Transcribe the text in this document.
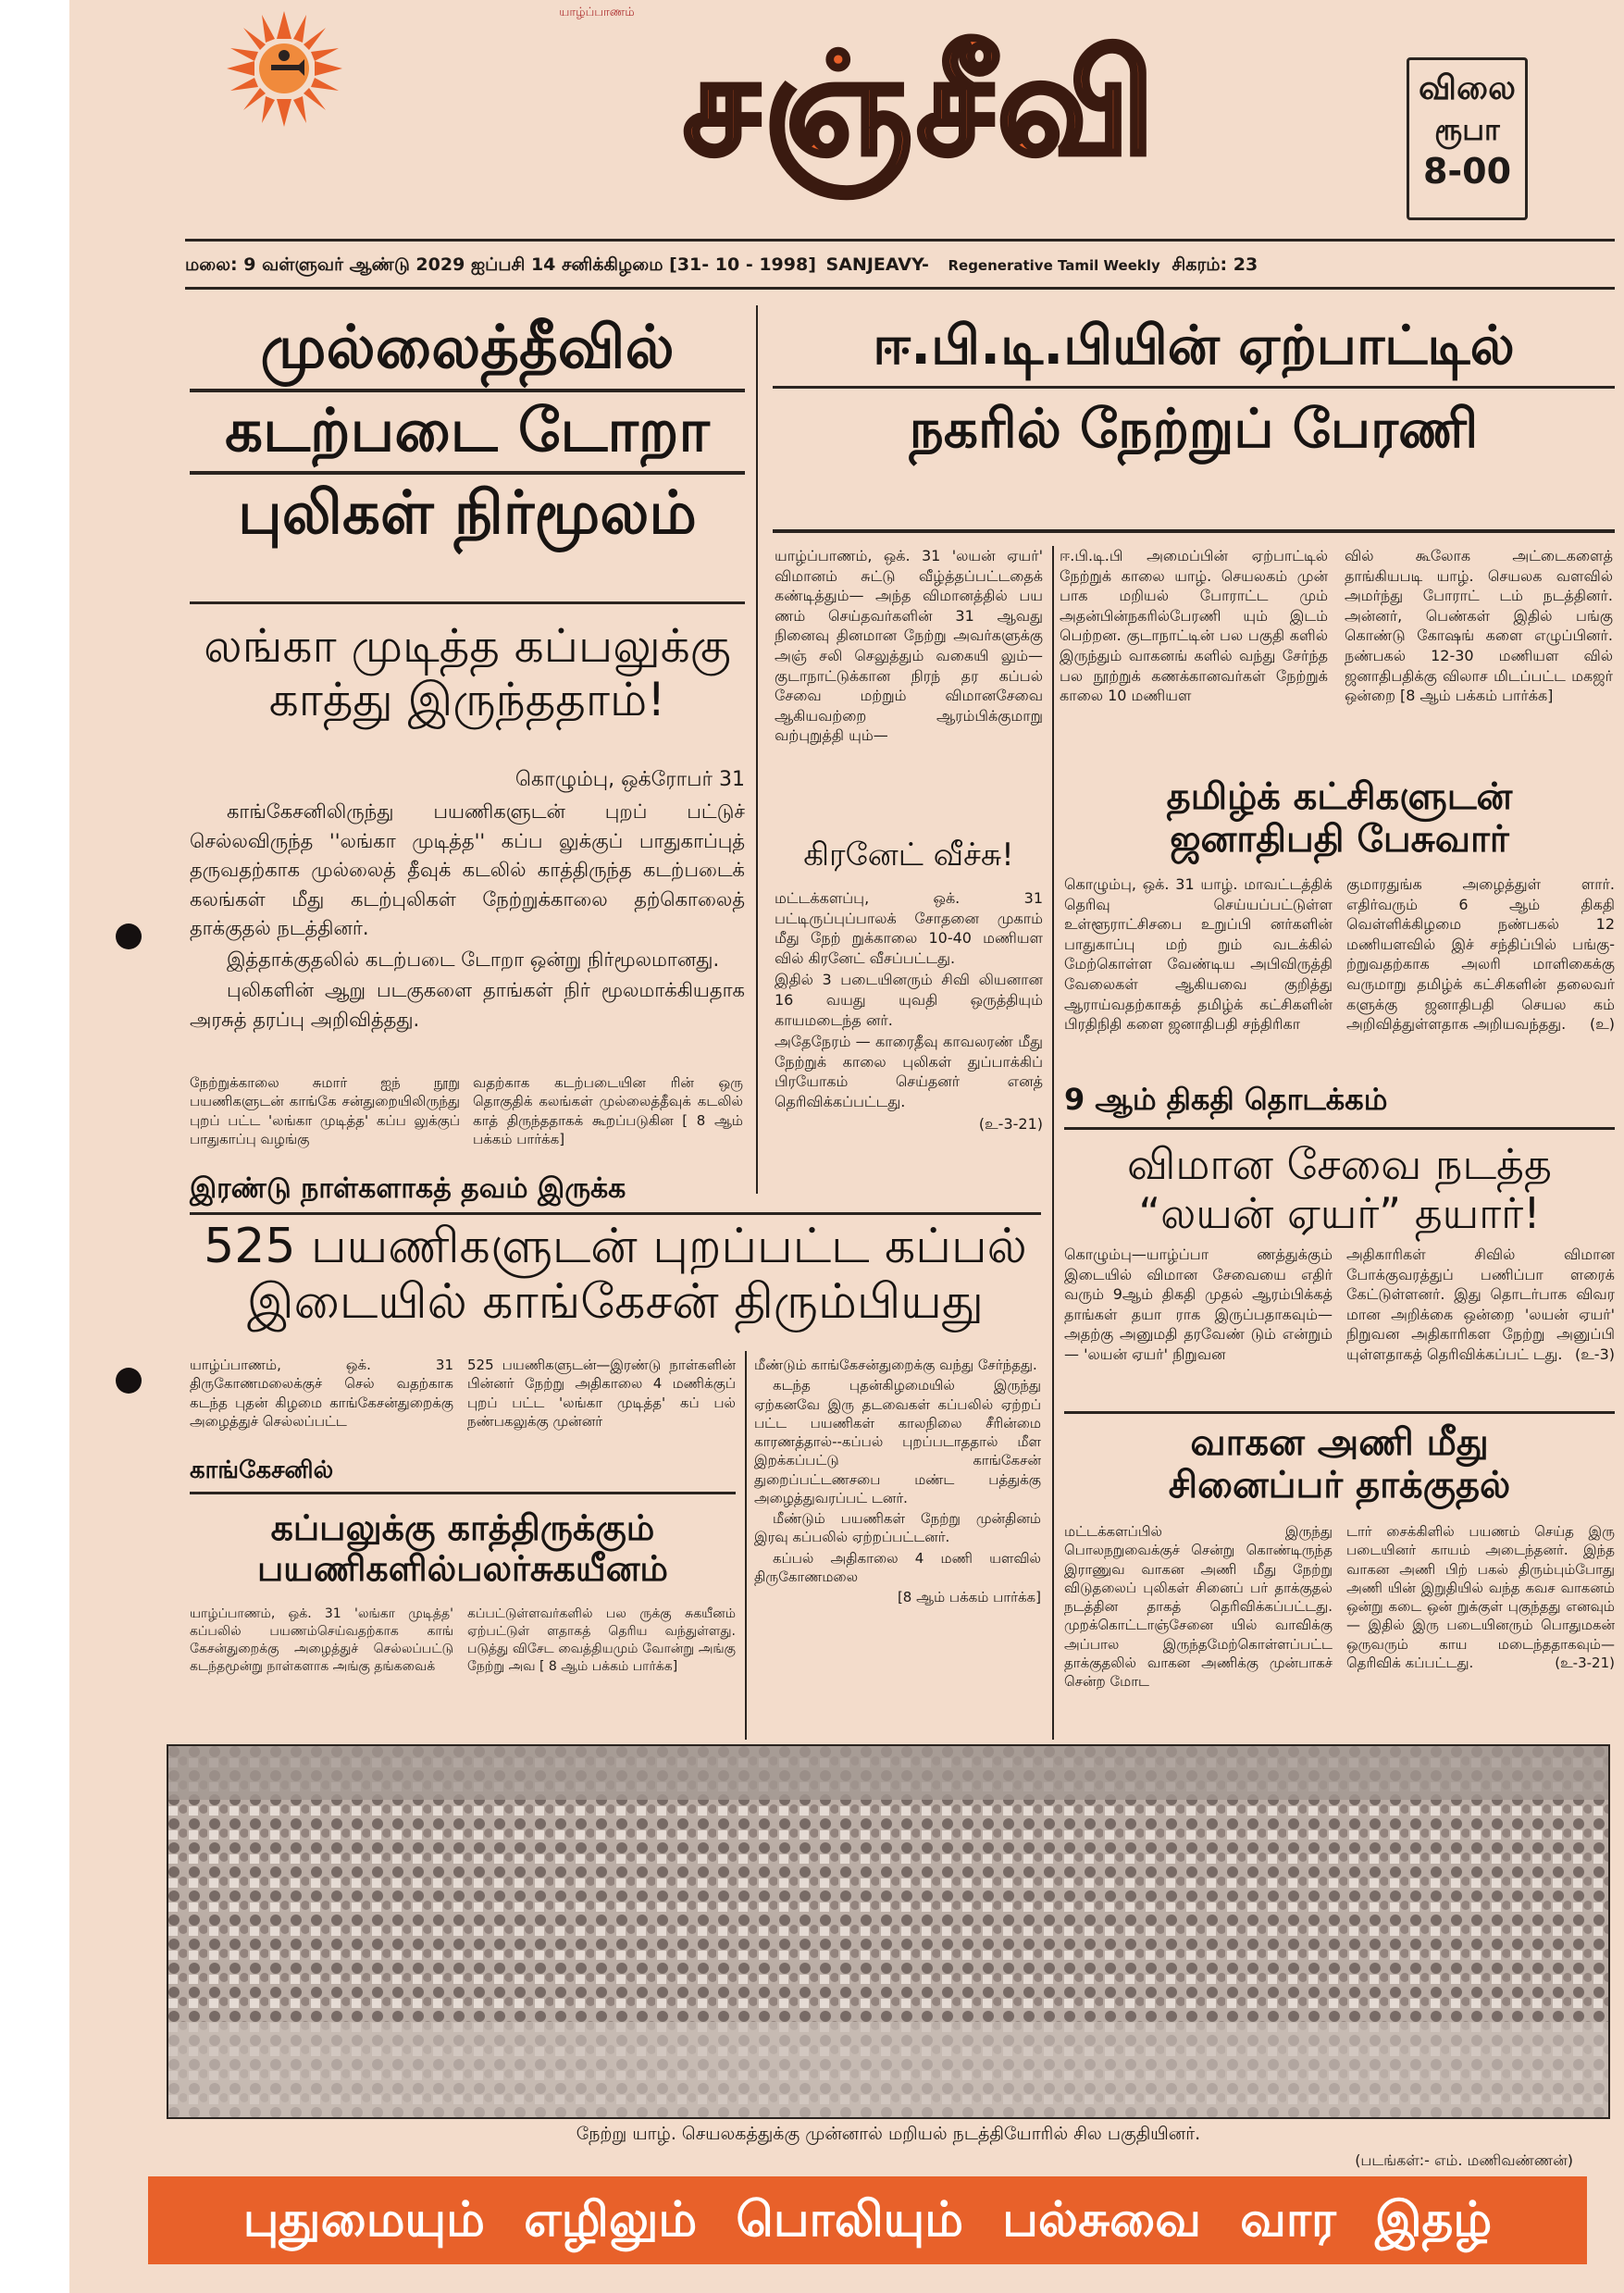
யாழ்ப்பாணம்
சஞ்சீவி	விலை
ரூபா
8-00
மலை: 9 வள்ளுவர் ஆண்டு 2029 ஐப்பசி 14 சனிக்கிழமை [31- 10 - 1998] SANJEAVY- Regenerative Tamil Weekly சிகரம்: 23
முல்லைத்தீவில்
கடற்படை டோறா
புலிகள் நிர்மூலம்
லங்கா முடித்த கப்பலுக்கு
காத்து இருந்ததாம்!
கொழும்பு, ஒக்ரோபர் 31

காங்கேசனிலிருந்து பயணிகளுடன் புறப் பட்டுச் செல்லவிருந்த ''லங்கா முடித்த'' கப்ப லுக்குப் பாதுகாப்புத் தருவதற்காக முல்லைத் தீவுக் கடலில் காத்திருந்த கடற்படைக் கலங்கள் மீது கடற்புலிகள் நேற்றுக்காலை தற்கொலைத் தாக்குதல் நடத்தினர்.

இத்தாக்குதலில் கடற்படை டோறா ஒன்று நிர்மூலமானது.

புலிகளின் ஆறு படகுகளை தாங்கள் நிர் மூலமாக்கியதாக அரசுத் தரப்பு அறிவித்தது.

நேற்றுக்காலை சுமார் ஐந் நூறு பயணிகளுடன் காங்கே சன்துறையிலிருந்து புறப் பட்ட 'லங்கா முடித்த' கப்ப லுக்குப் பாதுகாப்பு வழங்கு
வதற்காக கடற்படையின ரின் ஒரு தொகுதிக் கலங்கள் முல்லைத்தீவுக் கடலில் காத் திருந்ததாகக் கூறப்படுகின [ 8 ஆம் பக்கம் பார்க்க]
ஈ.பி.டி.பியின் ஏற்பாட்டில்
நகரில் நேற்றுப் பேரணி
யாழ்ப்பாணம், ஒக். 31 'லயன் ஏயர்' விமானம் சுட்டு வீழ்த்தப்பட்டதைக் கண்டித்தும்— அந்த விமானத்தில் பய ணம் செய்தவர்களின் 31 ஆவது நினைவு தினமான நேற்று அவர்களுக்கு அஞ் சலி செலுத்தும் வகையி லும்— குடாநாட்டுக்கான நிரந் தர கப்பல் சேவை மற்றும் விமானசேவை ஆகியவற்றை ஆரம்பிக்குமாறு வற்புறுத்தி யும்—
ஈ.பி.டி.பி அமைப்பின் ஏற்பாட்டில் நேற்றுக் காலை யாழ். செயலகம் முன் பாக மறியல் போராட்ட மும் அதன்பின்நகரில்பேரணி யும் இடம் பெற்றன. குடாநாட்டின் பல பகுதி களில் இருந்தும் வாகனங் களில் வந்து சேர்ந்த பல நூற்றுக் கணக்கானவர்கள் நேற்றுக் காலை 10 மணியள
வில் கூலோக அட்டைகளைத் தாங்கியபடி யாழ். செயலக வளவில் அமர்ந்து போராட் டம் நடத்தினர். அன்னர், பெண்கள் இதில் பங்கு கொண்டு கோஷங் களை எழுப்பினர். நண்பகல் 12-30 மணியள வில் ஜனாதிபதிக்கு விலாச மிடப்பட்ட மகஜர் ஒன்றை [8 ஆம் பக்கம் பார்க்க]
கிரனேட் வீச்சு!

மட்டக்களப்பு, ஒக். 31 பட்டிருப்புப்பாலக் சோதனை முகாம் மீது நேற் றுக்காலை 10-40 மணியள வில் கிரனேட் வீசப்பட்டது.

இதில் 3 படையினரும் சிவி லியனான 16 வயது யுவதி ஒருத்தியும் காயமடைந்த னர்.

அதேநேரம் — காரைதீவு காவலரண் மீது நேற்றுக் காலை புலிகள் துப்பாக்கிப் பிரயோகம் செய்தனர் எனத் தெரிவிக்கப்பட்டது.

(உ-3-21)

தமிழ்க் கட்சிகளுடன்
ஜனாதிபதி பேசுவார்
கொழும்பு, ஒக். 31 யாழ். மாவட்டத்திக் தெரிவு செய்யப்பட்டுள்ள உள்ளூராட்சிசபை உறுப்பி னர்களின் பாதுகாப்பு மற் றும் வடக்கில் மேற்கொள்ள வேண்டிய அபிவிருத்தி வேலைகள் ஆகியவை குறித்து ஆராய்வதற்காகத் தமிழ்க் கட்சிகளின் பிரதிநிதி களை ஜனாதிபதி சந்திரிகா
குமாரதுங்க அழைத்துள் ளார். எதிர்வரும் 6 ஆம் திகதி வெள்ளிக்கிழமை நண்பகல் 12 மணியளவில் இச் சந்திப்பில் பங்கு-ற்றுவதற்காக அலரி மாளிகைக்கு வருமாறு தமிழ்க் கட்சிகளின் தலைவர் களுக்கு ஜனாதிபதி செயல கம் அறிவித்துள்ளதாக அறியவந்தது. (உ)
9 ஆம் திகதி தொடக்கம்
விமான சேவை நடத்த
“லயன் ஏயர்” தயார்!
கொழும்பு—யாழ்ப்பா ணத்துக்கும் இடையில் விமான சேவையை எதிர் வரும் 9ஆம் திகதி முதல் ஆரம்பிக்கத் தாங்கள் தயா ராக இருப்பதாகவும்— அதற்கு அனுமதி தரவேண் டும் என்றும்— 'லயன் ஏயர்' நிறுவன
அதிகாரிகள் சிவில் விமான போக்குவரத்துப் பணிப்பா ளரைக் கேட்டுள்ளனர். இது தொடர்பாக விவர மான அறிக்கை ஒன்றை 'லயன் ஏயர்' நிறுவன அதிகாரிகள நேற்று அனுப்பி யுள்ளதாகத் தெரிவிக்கப்பட் டது. (உ-3)
வாகன அணி மீது
சினைப்பர் தாக்குதல்
மட்டக்களப்பில் இருந்து பொலநறுவைக்குச் சென்று கொண்டிருந்த இராணுவ வாகன அணி மீது நேற்று விடுதலைப் புலிகள் சினைப் பர் தாக்குதல் நடத்தின தாகத் தெரிவிக்கப்பட்டது. முறக்கொட்டாஞ்சேனை யில் வாவிக்கு அப்பால இருந்தமேற்கொள்ளப்பட்ட தாக்குதலில் வாகன அணிக்கு முன்பாகச் சென்ற மோட
டார் சைக்கிளில் பயணம் செய்த இரு படையினர் காயம் அடைந்தனர். இந்த வாகன அணி பிற் பகல் திரும்பும்போது அணி யின் இறுதியில் வந்த கவச வாகனம் ஒன்று கடை ஒன் றுக்குள் புகுந்தது எனவும்— இதில் இரு படையினரும் பொதுமகன் ஒருவரும் காய மடைந்ததாகவும்—தெரிவிக் கப்பட்டது.	(உ-3-21)
இரண்டு நாள்களாகத் தவம் இருக்க
525 பயணிகளுடன் புறப்பட்ட கப்பல்
இடையில் காங்கேசன் திரும்பியது
யாழ்ப்பாணம், ஒக். 31 திருகோணமலைக்குச் செல் வதற்காக கடந்த புதன் கிழமை காங்கேசன்துறைக்கு அழைத்துச் செல்லப்பட்ட
525 பயணிகளுடன்—இரண்டு நாள்களின் பின்னர் நேற்று அதிகாலை 4 மணிக்குப் புறப் பட்ட 'லங்கா முடித்த' கப் பல் நண்பகலுக்கு முன்னர்

மீண்டும் காங்கேசன்துறைக்கு வந்து சேர்ந்தது.

கடந்த புதன்கிழமையில் இருந்து ஏற்கனவே இரு தடவைகள் கப்பலில் ஏற்றப் பட்ட பயணிகள் காலநிலை சீரின்மை காரணத்தால்--கப்பல் புறப்படாததால் மீள இறக்கப்பட்டு காங்கேசன் துறைப்பட்டணசபை மண்ட பத்துக்கு அழைத்துவரப்பட் டனர்.

மீண்டும் பயணிகள் நேற்று முன்தினம் இரவு கப்பலில் ஏற்றப்பட்டனர்.

கப்பல் அதிகாலை 4 மணி யளவில் திருகோணமலை

[8 ஆம் பக்கம் பார்க்க]

காங்கேசனில்
கப்பலுக்கு காத்திருக்கும்
பயணிகளில்பலர்சுகயீனம்
யாழ்ப்பாணம், ஒக். 31 'லங்கா முடித்த' கப்பலில் பயணம்செய்வதற்காக காங் கேசன்துறைக்கு அழைத்துச் செல்லப்பட்டு கடந்தமூன்று நாள்களாக அங்கு தங்கவைக்
கப்பட்டுள்ளவர்களில் பல ருக்கு சுகயீனம் ஏற்பட்டுள் ளதாகத் தெரிய வந்துள்ளது. படுத்து விசேட வைத்தியமும் வோன்று அங்கு நேற்று அவ [ 8 ஆம் பக்கம் பார்க்க]
நேற்று யாழ். செயலகத்துக்கு முன்னால் மறியல் நடத்தியோரில் சில பகுதியினர்.
(படங்கள்:- எம். மணிவண்ணன்)
புதுமையும் எழிலும் பொலியும் பல்சுவை வார இதழ்
